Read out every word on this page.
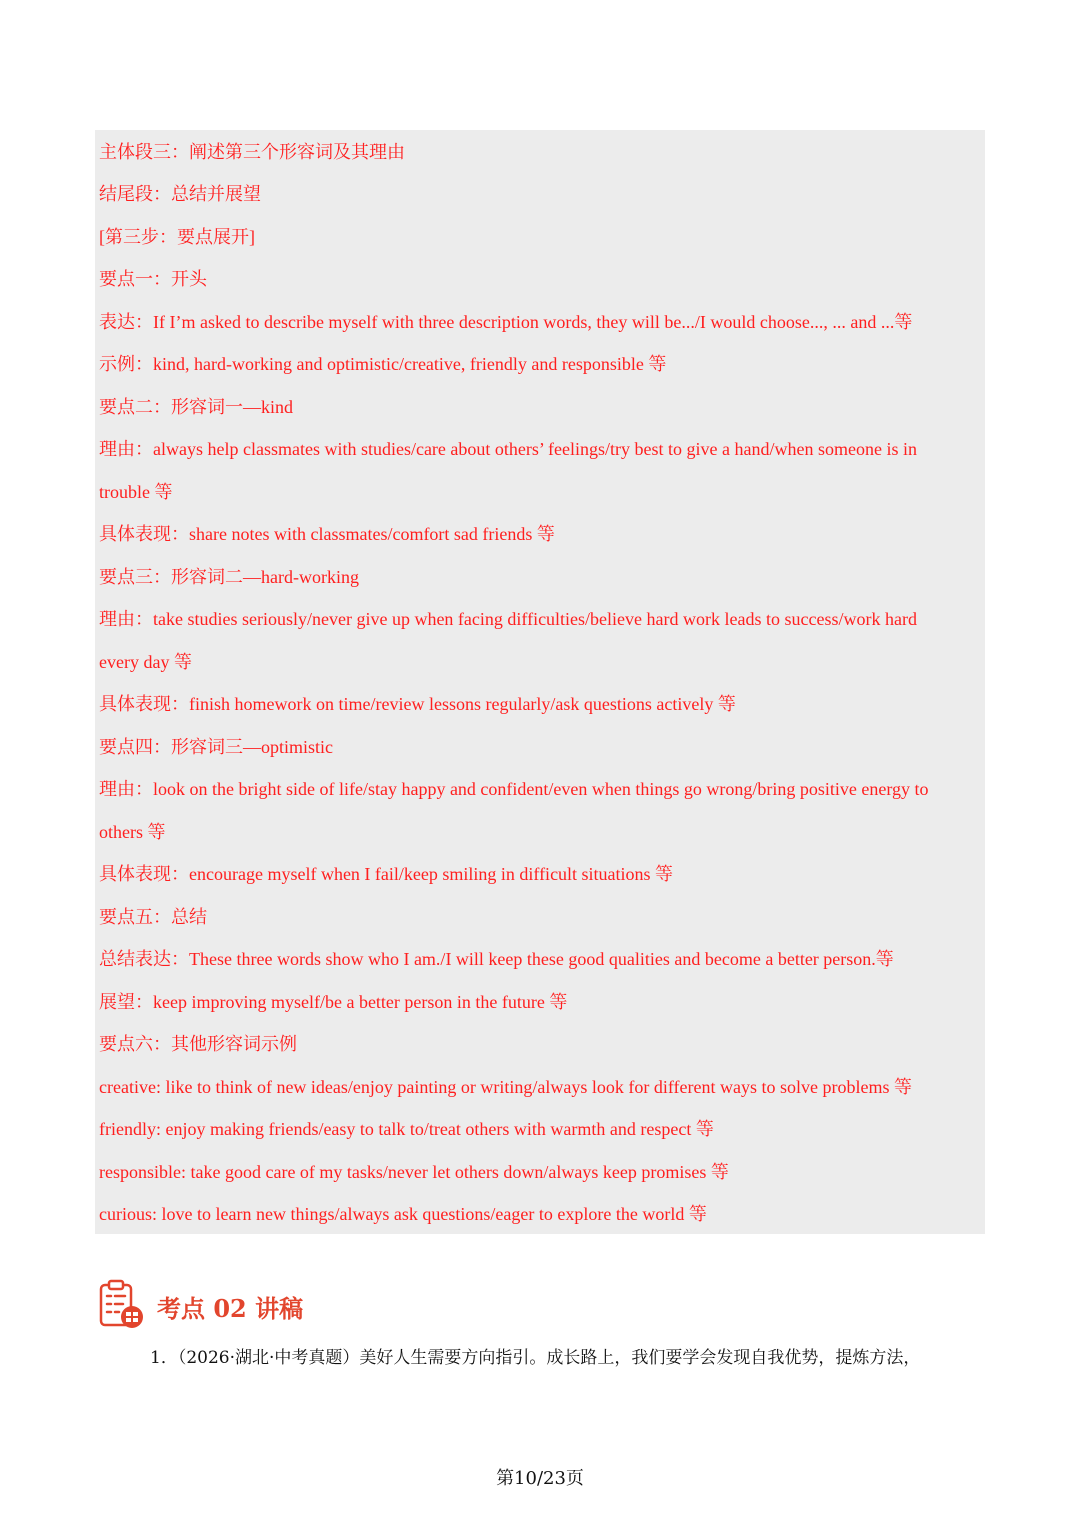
主体段三：阐述第三个形容词及其理由
结尾段：总结并展望
[第三步：要点展开]
要点一：开头
表达：If I’m asked to describe myself with three description words, they will be.../I would choose..., ... and ...等
示例：kind, hard-working and optimistic/creative, friendly and responsible 等
要点二：形容词一—kind
理由：always help classmates with studies/care about others’ feelings/try best to give a hand/when someone is in
trouble 等
具体表现：share notes with classmates/comfort sad friends 等
要点三：形容词二—hard-working
理由：take studies seriously/never give up when facing difficulties/believe hard work leads to success/work hard
every day 等
具体表现：finish homework on time/review lessons regularly/ask questions actively 等
要点四：形容词三—optimistic
理由：look on the bright side of life/stay happy and confident/even when things go wrong/bring positive energy to
others 等
具体表现：encourage myself when I fail/keep smiling in difficult situations 等
要点五：总结
总结表达：These three words show who I am./I will keep these good qualities and become a better person.等
展望：keep improving myself/be a better person in the future 等
要点六：其他形容词示例
creative: like to think of new ideas/enjoy painting or writing/always look for different ways to solve problems 等
friendly: enjoy making friends/easy to talk to/treat others with warmth and respect 等
responsible: take good care of my tasks/never let others down/always keep promises 等
curious: love to learn new things/always ask questions/eager to explore the world 等
考点 02 讲稿
1．（2026·湖北·中考真题）美好人生需要方向指引。成长路上，我们要学会发现自我优势，提炼方法，
第10/23页
